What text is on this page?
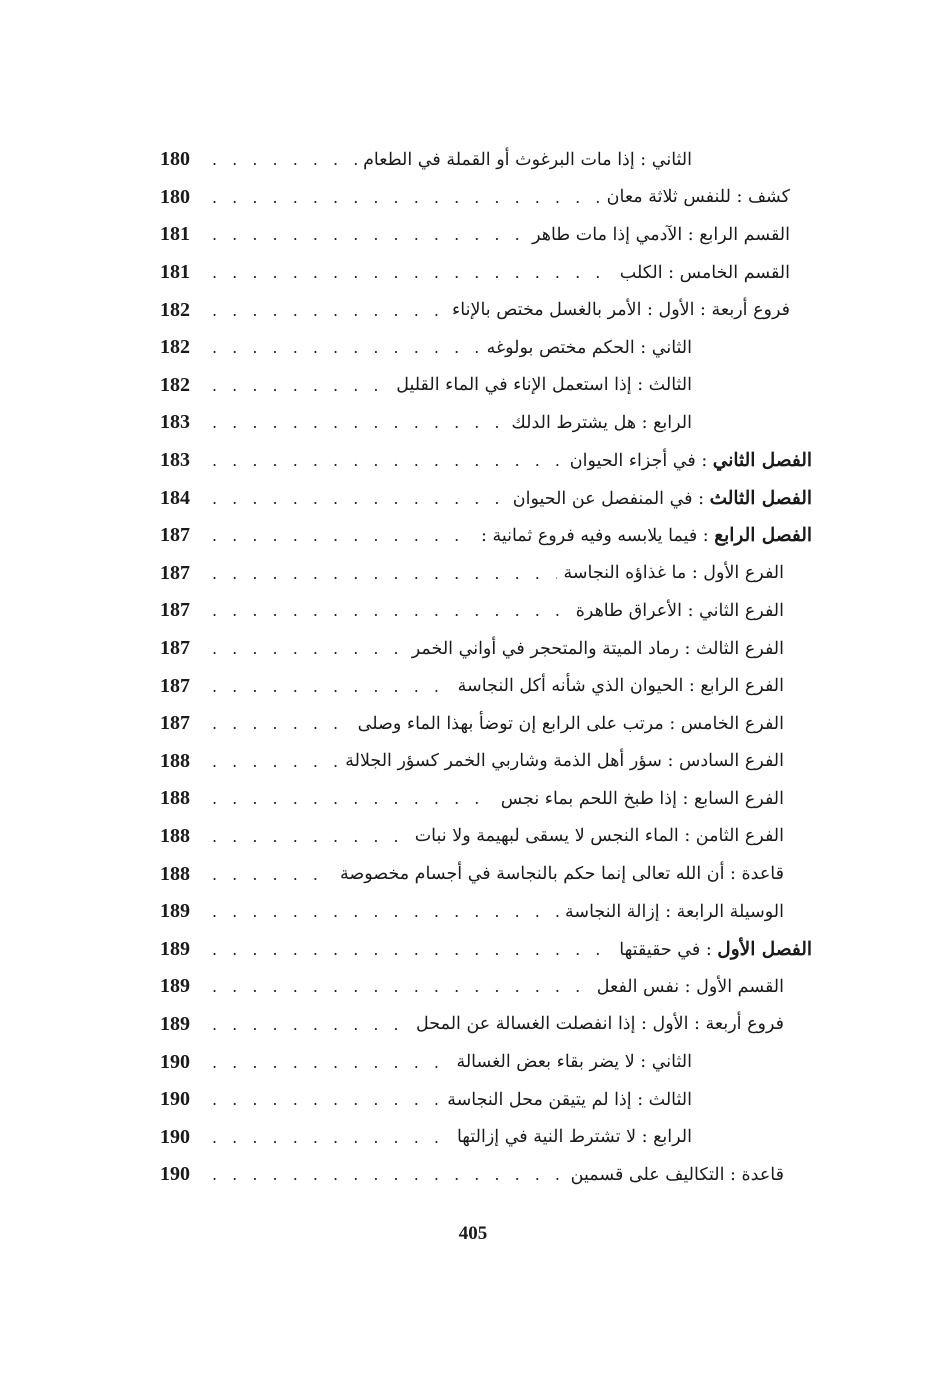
180 . . .	الثاني : إذا مات البرغوث أو القملة في الطعام
180 . . .	كشف : للنفس ثلاثة معان
181 . . .	القسم الرابع : الآدمي إذا مات طاهر
181 . . .	القسم الخامس : الكلب
182 . . .	فروع أربعة : الأول : الأمر بالغسل مختص بالإناء
182 . . .	الثاني : الحكم مختص بولوغه
182 . . .	الثالث : إذا استعمل الإناء في الماء القليل
183 . . .	الرابع : هل يشترط الدلك
183 . . .	الفصل الثاني : في أجزاء الحيوان
184 . . .	الفصل الثالث : في المنفصل عن الحيوان
187 . . .	الفصل الرابع : فيما يلابسه وفيه فروع ثمانية :
187 . . .	الفرع الأول : ما غذاؤه النجاسة
187 . . .	الفرع الثاني : الأعراق طاهرة
187 . . .	الفرع الثالث : رماد الميتة والمتحجر في أواني الخمر
187 . . .	الفرع الرابع : الحيوان الذي شأنه أكل النجاسة
187 . . .	الفرع الخامس : مرتب على الرابع إن توضأ بهذا الماء وصلى
188 . . .	الفرع السادس : سؤر أهل الذمة وشاربي الخمر كسؤر الجلالة
188 . . .	الفرع السابع : إذا طبخ اللحم بماء نجس
188 . . .	الفرع الثامن : الماء النجس لا يسقى لبهيمة ولا نبات
188 . . .	قاعدة : أن الله تعالى إنما حكم بالنجاسة في أجسام مخصوصة
189 . . .	الوسيلة الرابعة : إزالة النجاسة
189 . . .	الفصل الأول : في حقيقتها
189 . . .	القسم الأول : نفس الفعل
189 . . .	فروع أربعة : الأول : إذا انفصلت الغسالة عن المحل
190 . . .	الثاني : لا يضر بقاء بعض الغسالة
190 . . .	الثالث : إذا لم يتيقن محل النجاسة
190 . . .	الرابع : لا تشترط النية في إزالتها
190 . . .	قاعدة : التكاليف على قسمين
405
